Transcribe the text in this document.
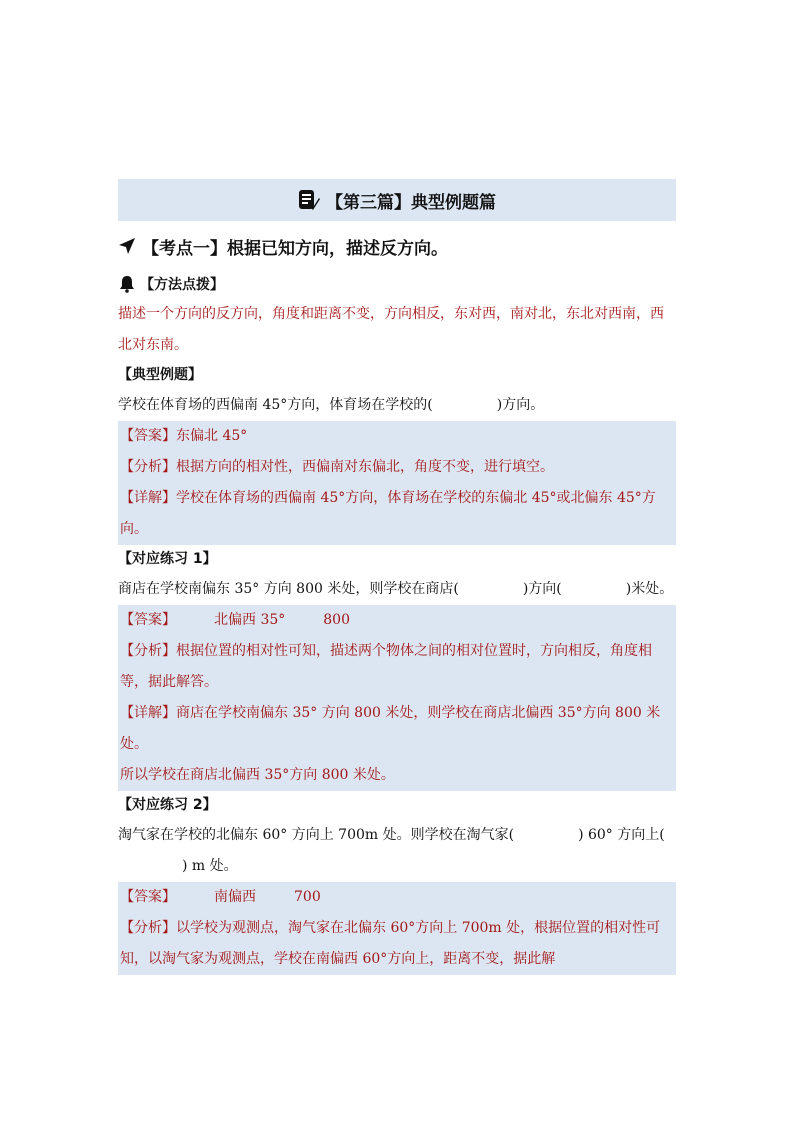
【第三篇】典型例题篇
【考点一】根据已知方向，描述反方向。
【方法点拨】
描述一个方向的反方向，角度和距离不变，方向相反，东对西，南对北，东北对西南，西北对东南。
【典型例题】
学校在体育场的西偏南 45°方向，体育场在学校的(	)方向。
【答案】东偏北 45°
【分析】根据方向的相对性，西偏南对东偏北，角度不变，进行填空。
【详解】学校在体育场的西偏南 45°方向，体育场在学校的东偏北 45°或北偏东 45°方向。
【对应练习 1】
商店在学校南偏东 35° 方向 800 米处，则学校在商店(	)方向(	)米处。
【答案】	北偏西 35°	800
【分析】根据位置的相对性可知，描述两个物体之间的相对位置时，方向相反，角度相等，据此解答。
【详解】商店在学校南偏东 35° 方向 800 米处，则学校在商店北偏西 35°方向 800 米处。
所以学校在商店北偏西 35°方向 800 米处。
【对应练习 2】
淘气家在学校的北偏东 60° 方向上 700m 处。则学校在淘气家(	) 60° 方向上() m 处。
【答案】	南偏西	700
【分析】以学校为观测点，淘气家在北偏东 60°方向上 700m 处，根据位置的相对性可知，以淘气家为观测点，学校在南偏西 60°方向上，距离不变，据此解
